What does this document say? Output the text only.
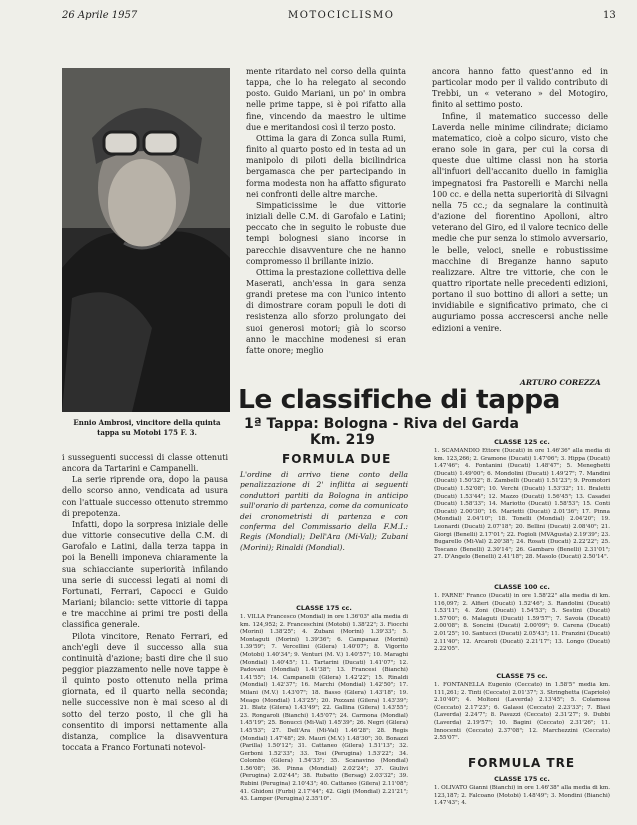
26 Aprile 1957	MOTOCICLISMO	13
Ennio Ambrosi, vincitore della quinta tappa su Motobi 175 F. 3.

mente ritardato nel corso della quinta tappa, che lo ha relegato al secondo posto. Guido Mariani, un po' in ombra nelle prime tappe, si è poi rifatto alla fine, vincendo da maestro le ultime due e meritandosi così il terzo posto.

Ottima la gara di Zonca sulla Rumi, finito al quarto posto ed in testa ad un manipolo di piloti della bicilindrica bergamasca che per partecipando in forma modesta non ha affatto sfigurato nei confronti delle altre marche.

Simpaticissime le due vittorie iniziali delle C.M. di Garofalo e Latini; peccato che in seguito le robuste due tempi bolognesi siano incorse in parecchie disavventure che ne hanno compromesso il brillante inizio.

Ottima la prestazione collettiva delle Maserati, anch'essa in gara senza grandi pretese ma con l'unico intento di dimostrare coram populi le doti di resistenza allo sforzo prolungato dei suoi generosi motori; già lo scorso anno le macchine modenesi si eran fatte onore; meglio

ancora hanno fatto quest'anno ed in particolar modo per il valido contributo di Trebbi, un « veterano » del Motogiro, finito al settimo posto.

Infine, il matematico successo delle Laverda nelle minime cilindrate; diciamo matematico, cioè a colpo sicuro, visto che erano sole in gara, per cui la corsa di queste due ultime classi non ha storia all'infuori dell'accanito duello in famiglia impegnatosi fra Pastorelli e Marchi nella 100 cc. e della netta superiorità di Silvagni nella 75 cc.; da segnalare la continuità d'azione del fiorentino Apolloni, altro veterano del Giro, ed il valore tecnico delle medie che pur senza lo stimolo avversario, le belle, veloci, snelle e robustissime macchine di Breganze hanno saputo realizzare. Altre tre vittorie, che con le quattro riportate nelle precedenti edizioni, portano il suo bottino di allori a sette; un invidiabile e significativo primato, che ci auguriamo possa accrescersi anche nelle edizioni a venire.

ARTURO COREZZA

i susseguenti successi di classe ottenuti ancora da Tartarini e Campanelli.

La serie riprende ora, dopo la pausa dello scorso anno, vendicata ad usura con l'attuale successo ottenuto stremmo di prepotenza.

Infatti, dopo la sorpresa iniziale delle due vittorie consecutive della C.M. di Garofalo e Latini, dalla terza tappa in poi la Benelli imponeva chiaramente la sua schiacciante superiorità infilando una serie di successi legati ai nomi di Fortunati, Ferrari, Capocci e Guido Mariani; bilancio: sette vittorie di tappa e tre macchine ai primi tre posti della classifica generale.

Pilota vincitore, Renato Ferrari, ed anch'egli deve il successo alla sua continuità d'azione; basti dire che il suo peggior piazzamento nelle nove tappe è il quinto posto ottenuto nella prima giornata, ed il quarto nella seconda; nelle successive non è mai sceso al di sotto del terzo posto, il che gli ha consentito di imporsi nettamente alla distanza, complice la disavventura toccata a Franco Fortunati notevol-

Le classifiche di tappa
1ª Tappa: Bologna - Riva del Garda
Km. 219
FORMULA DUE
L'ordine di arrivo tiene conto della penalizzazione di 2' inflitta ai seguenti conduttori partiti da Bologna in anticipo sull'orario di partenza, come da comunicato dei cronometristi di partenza e con conferma del Commissario della F.M.I.: Regis (Mondial); Dell'Ara (Mi-Val); Zubani (Morini); Rinaldi (Mondial).
CLASSE 175 cc.
1. VILLA Francesco (Mondial) in ore 1.36'03" alla media di km. 124,952; 2. Franceschini (Motobi) 1.38'22"; 3. Fiocchi (Morini) 1.38'25"; 4. Zubani (Morini) 1.39'33"; 5. Montaguti (Morini) 1.39'36"; 6. Campanaz (Morini) 1.39'59"; 7. Vercellini (Gilera) 1.40'07"; 8. Vigorito (Motobi) 1.40'34"; 9. Venturi (M. V.) 1.40'57"; 10. Maraghi (Mondial) 1.40'45"; 11. Tartarini (Ducati) 1.41'07"; 12. Padovani (Mondial) 1.41'38"; 13. Francesi (Bianchi) 1.41'55"; 14. Campanelli (Gilera) 1.42'22"; 15. Rinaldi (Mondial) 1.42'37"; 16. Marchi (Mondial) 1.42'50"; 17. Milani (M.V.) 1.43'07"; 18. Basso (Gilera) 1.43'18"; 19. Meago (Mondial) 1.43'25"; 20. Pozzani (Gilera) 1.43'39"; 21. Blatz (Gilera) 1.43'49"; 22. Gallina (Gilera) 1.43'55"; 23. Rongaroli (Bianchi) 1.45'07"; 24. Carmona (Mondial) 1.45'19"; 25. Bonucci (Mi-Val) 1.45'39"; 26. Negri (Gilera) 1.45'53"; 27. Dell'Ara (Mi-Val) 1.46'28"; 28. Regis (Mondial) 1.47'48"; 29. Mauri (M.V.) 1.48'30"; 30. Bonazzi (Parilla) 1.50'12"; 31. Cattaneo (Gilera) 1.51'13"; 32. Gerboni 1.52'33"; 33. Tosi (Perugina) 1.53'22"; 34. Colombo (Gilera) 1.54'33"; 35. Scanavino (Mondial) 1.56'08"; 36. Pinna (Mondial) 2.02'24"; 37. Giulivi (Perugina) 2.02'44"; 38. Rubatto (Bersag) 2.03'32"; 39. Rubini (Perugina) 2.10'43"; 40. Cattaneo (Gilera) 2.11'08"; 41. Ghidoni (Furbi) 2.17'44"; 42. Gigli (Mondial) 2.21'21"; 43. Lamper (Perugina) 2.35'10".
CLASSE 125 cc.
1. SCAMANDIO Ettore (Ducati) in ore 1.46'36" alla media di km. 123,266; 2. Gramone (Ducati) 1.47'06"; 3. Hippa (Ducati) 1.47'46"; 4. Fontanini (Ducati) 1.48'47"; 5. Meneghetti (Ducati) 1.49'00"; 6. Mondolini (Ducati) 1.49'27"; 7. Mandini (Ducati) 1.50'32"; 8. Zambelli (Ducati) 1.51'23"; 9. Promotori (Ducati) 1.52'08"; 10. Verchi (Ducati) 1.53'32"; 11. Braletti (Ducati) 1.53'44"; 12. Mazzo (Ducati) 1.56'45"; 13. Casadei (Ducati) 1.58'33"; 14. Mariotto (Ducati) 1.58'53"; 15. Conti (Ducati) 2.00'30"; 16. Marietti (Ducati) 2.01'36"; 17. Pinna (Mondial) 2.04'10"; 18. Tonelli (Mondial) 2.04'20"; 19. Leonardi (Ducati) 2.07'18"; 20. Bellini (Ducati) 2.08'40"; 21. Giorgi (Benelli) 2.17'01"; 22. Fogioli (MVAgusta) 2.19'39"; 23. Bugarello (Mi-Val) 2.20'38"; 24. Rosati (Ducati) 2.22'22"; 25. Toscano (Benelli) 2.30'14"; 26. Gambaro (Benelli) 2.31'01"; 27. D'Angelo (Benelli) 2.41'18"; 28. Masolo (Ducati) 2.50'14".
CLASSE 100 cc.
1. FARNE' Franco (Ducati) in ore 1.58'22" alla media di km. 116,097; 2. Alfieri (Ducati) 1.52'46"; 3. Randolini (Ducati) 1.53'11"; 4. Zoni (Ducati) 1.54'53"; 5. Sestini (Ducati) 1.57'00"; 6. Malaguti (Ducati) 1.59'57"; 7. Savoia (Ducati) 2.00'08"; 8. Soncini (Ducati) 2.00'09"; 9. Carena (Ducati) 2.01'25"; 10. Santucci (Ducati) 2.05'43"; 11. Franzini (Ducati) 2.11'40"; 12. Arcaroli (Ducati) 2.21'17"; 13. Longo (Ducati) 2.22'05".
CLASSE 75 cc.
1. FONTANELLA Eugenio (Ceccato) in 1.58'5" media km. 111,261; 2. Tinti (Ceccato) 2.01'37"; 3. Stringhetta (Capriolo) 2.10'40"; 4. Moltoni (Laverda) 2.13'45"; 5. Colamosa (Ceccato) 2.17'23"; 6. Galassi (Ceccato) 2.23'33"; 7. Blasi (Laverda) 2.24'7"; 8. Pasuzzi (Ceccato) 2.31'27"; 9. Dubbi (Laverda) 2.19'57"; 10. Bagini (Ceccato) 2.31'26"; 11. Innocenti (Ceccato) 2.37'08"; 12. Marchezzini (Ceccato) 2.55'07".
FORMULA TRE
CLASSE 175 cc.
1. OLIVATO Gianni (Bianchi) in ore 1.46'38" alla media di km. 123,187; 2. Falcoano (Motobi) 1.48'49"; 3. Mondini (Bianchi) 1.47'43"; 4.
